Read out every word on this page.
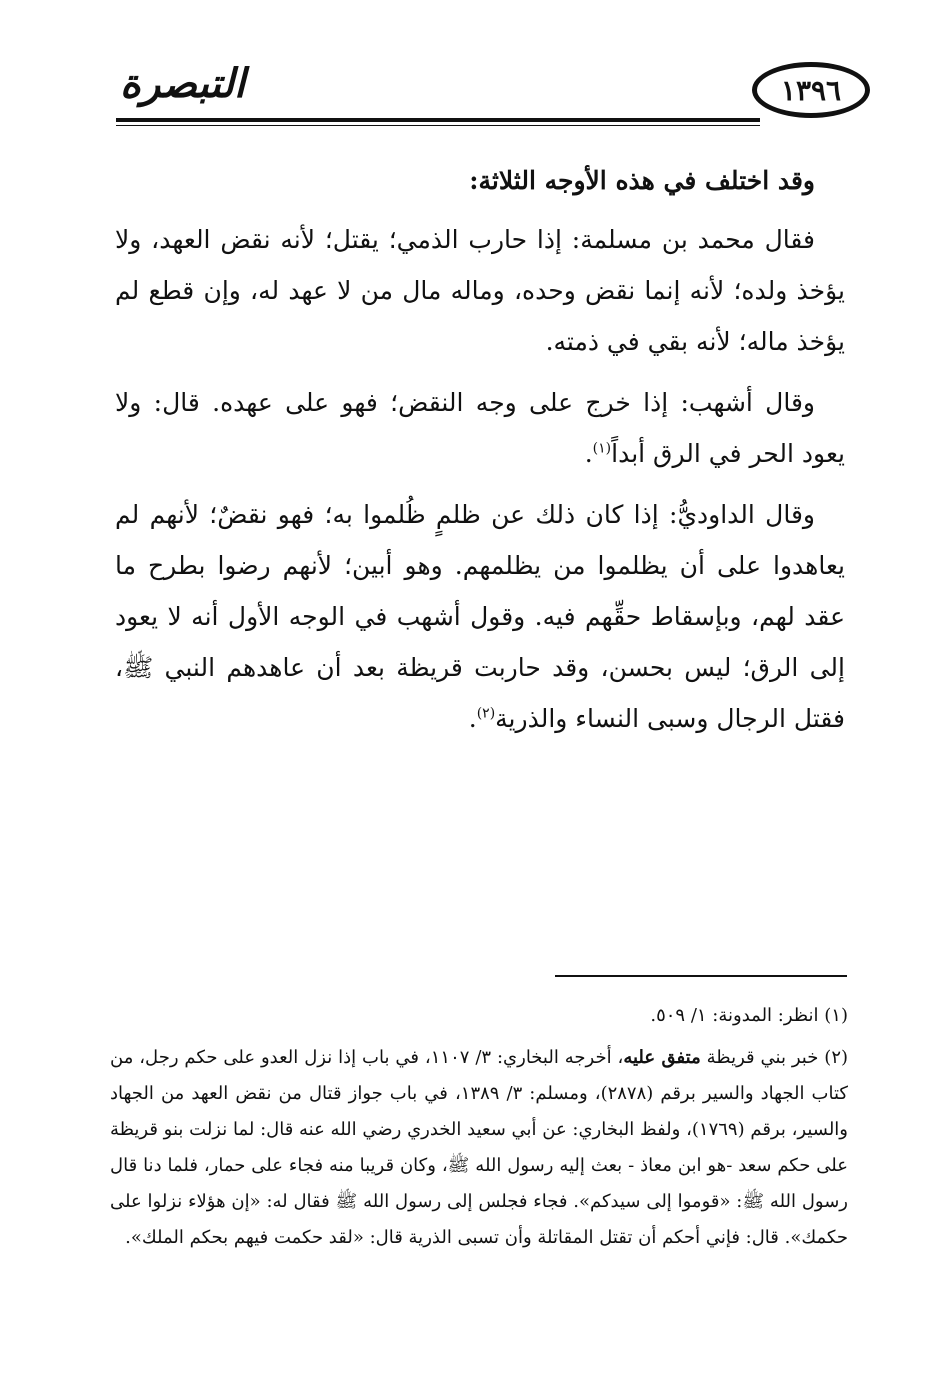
التبصرة	١٣٩٦

وقد اختلف في هذه الأوجه الثلاثة:

فقال محمد بن مسلمة: إذا حارب الذمي؛ يقتل؛ لأنه نقض العهد، ولا يؤخذ ولده؛ لأنه إنما نقض وحده، وماله مال من لا عهد له، وإن قطع لم يؤخذ ماله؛ لأنه بقي في ذمته.

وقال أشهب: إذا خرج على وجه النقض؛ فهو على عهده. قال: ولا يعود الحر في الرق أبداً$^{(١)}$.

وقال الداوديُّ: إذا كان ذلك عن ظلمٍ ظُلموا به؛ فهو نقضٌ؛ لأنهم لم يعاهدوا على أن يظلموا من يظلمهم. وهو أبين؛ لأنهم رضوا بطرح ما عقد لهم، وبإسقاط حقِّهم فيه. وقول أشهب في الوجه الأول أنه لا يعود إلى الرق؛ ليس بحسن، وقد حاربت قريظة بعد أن عاهدهم النبي ﷺ، فقتل الرجال وسبى النساء والذرية$^{(٢)}$.

(١) انظر: المدونة: ١/ ٥٠٩.

(٢) خبر بني قريظة متفق عليه، أخرجه البخاري: ٣/ ١١٠٧، في باب إذا نزل العدو على حكم رجل، من كتاب الجهاد والسير برقم (٢٨٧٨)، ومسلم: ٣/ ١٣٨٩، في باب جواز قتال من نقض العهد من الجهاد والسير، برقم (١٧٦٩)، ولفظ البخاري: عن أبي سعيد الخدري رضي الله عنه قال: لما نزلت بنو قريظة على حكم سعد -هو ابن معاذ - بعث إليه رسول الله ﷺ، وكان قريبا منه فجاء على حمار، فلما دنا قال رسول الله ﷺ: «قوموا إلى سيدكم». فجاء فجلس إلى رسول الله ﷺ فقال له: «إن هؤلاء نزلوا على حكمك». قال: فإني أحكم أن تقتل المقاتلة وأن تسبى الذرية قال: «لقد حكمت فيهم بحكم الملك».
